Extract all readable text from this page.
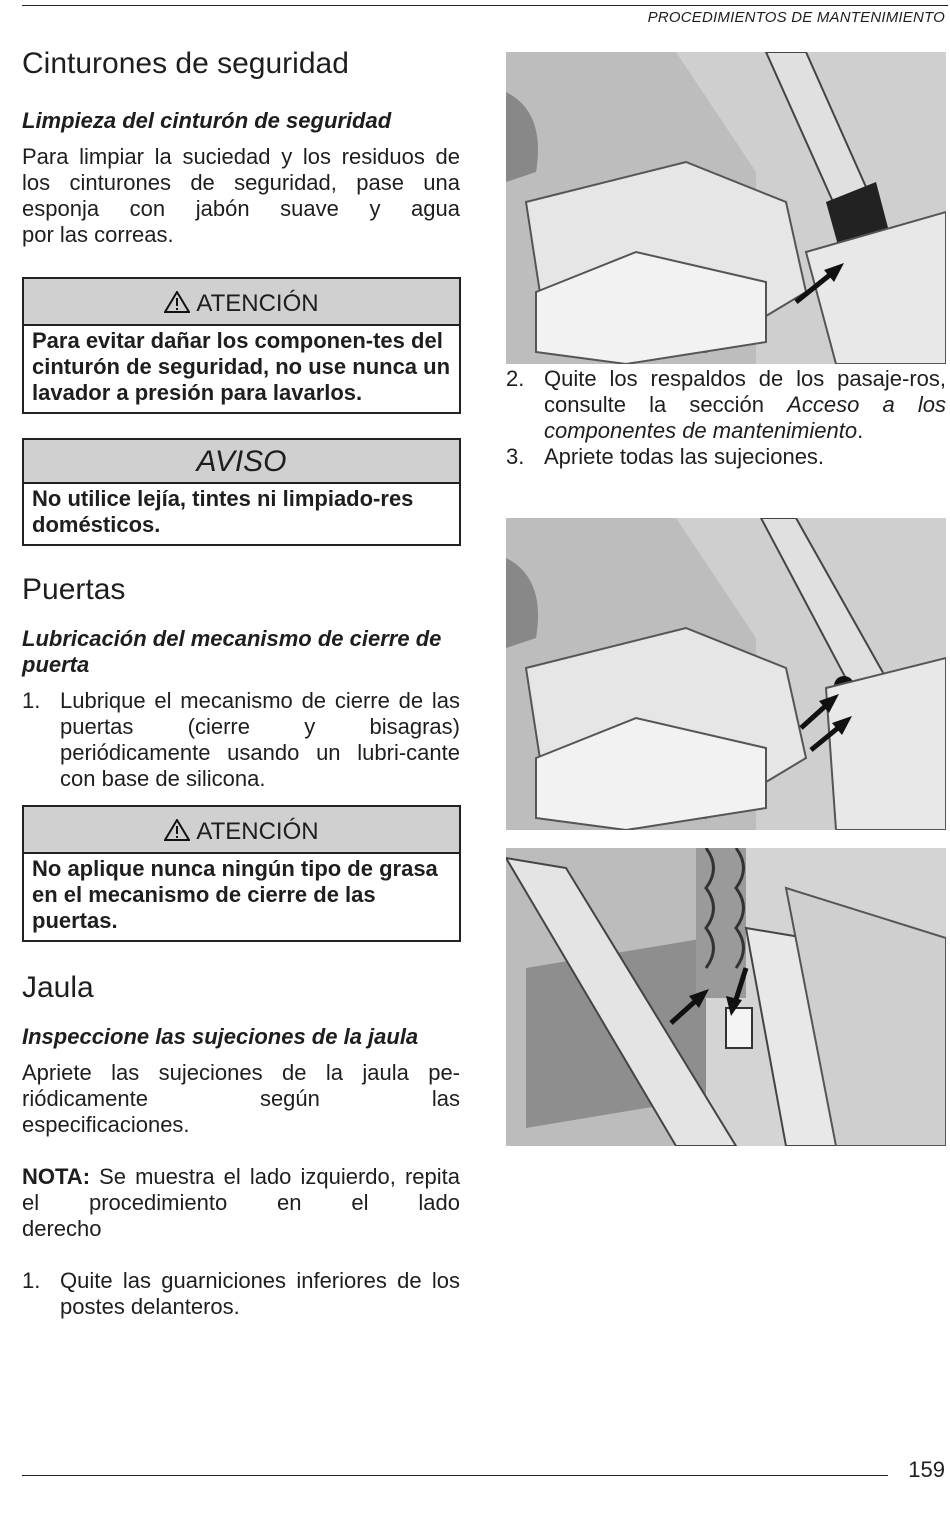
PROCEDIMIENTOS DE MANTENIMIENTO
Cinturones de seguridad
Limpieza del cinturón de seguridad

Para limpiar la suciedad y los residuos de los cinturones de seguridad, pase una esponja con jabón suave y agua

por las correas.

ATENCIÓN
Para evitar dañar los componen-tes del cinturón de seguridad, no use nunca un lavador a presión para lavarlos.
AVISO
No utilice lejía, tintes ni limpiado-res domésticos.
Puertas
Lubricación del mecanismo de cierre de puerta
1. Lubrique el mecanismo de cierre de las puertas (cierre y bisagras) periódicamente usando un lubri-cante con base de silicona.
ATENCIÓN
No aplique nunca ningún tipo de grasa en el mecanismo de cierre de las puertas.
Jaula
Inspeccione las sujeciones de la jaula

Apriete las sujeciones de la jaula pe-riódicamente según las

especificaciones.

NOTA: Se muestra el lado izquierdo, repita el procedimiento en el lado

derecho

1. Quite las guarniciones inferiores de los postes delanteros.
2. Quite los respaldos de los pasaje-ros, consulte la sección Acceso a los componentes de mantenimiento.
3. Apriete todas las sujeciones.
159
